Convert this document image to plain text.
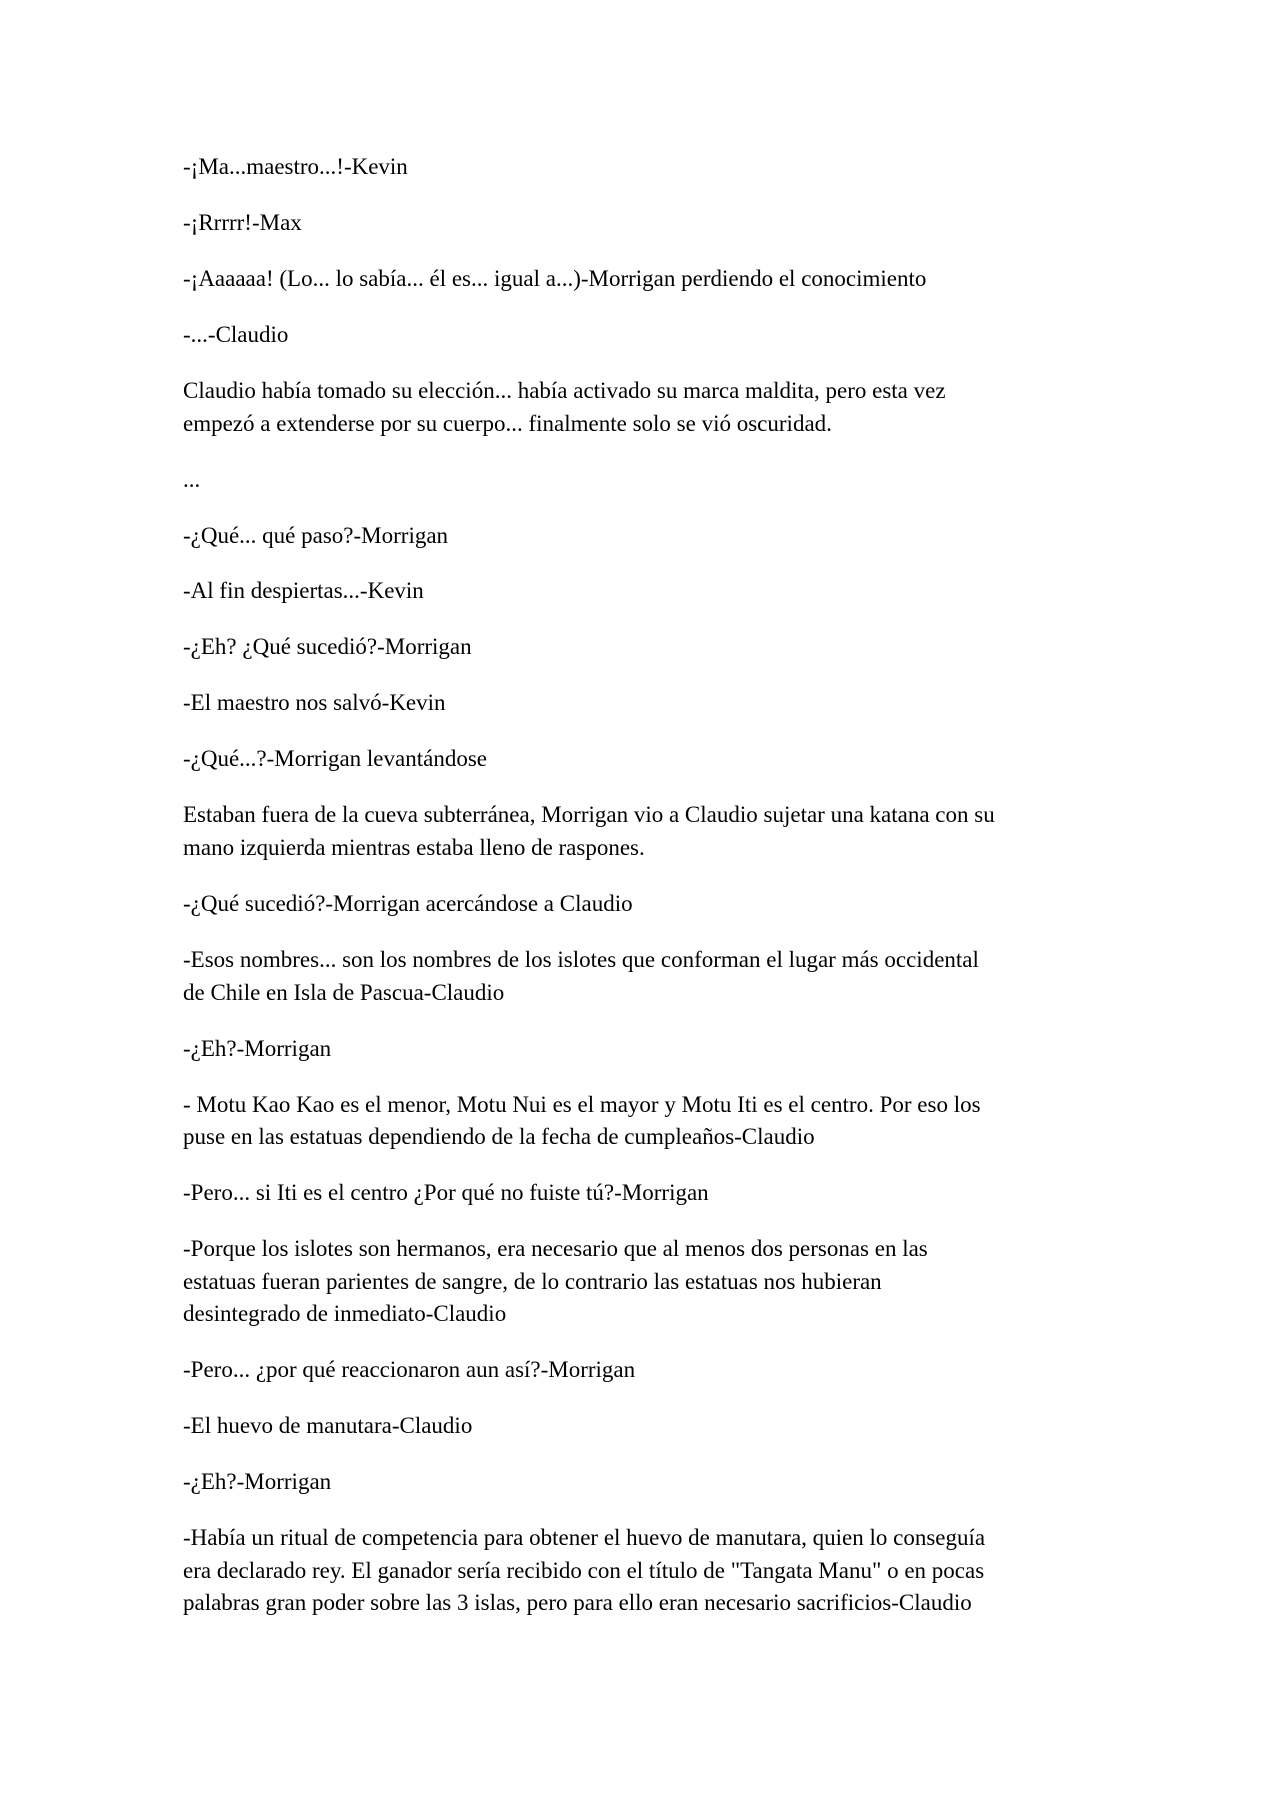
-¡Ma...maestro...!-Kevin

-¡Rrrrr!-Max

-¡Aaaaaa! (Lo... lo sabía... él es... igual a...)-Morrigan perdiendo el conocimiento

-...-Claudio

Claudio había tomado su elección... había activado su marca maldita, pero esta vez
empezó a extenderse por su cuerpo... finalmente solo se vió oscuridad.

...

-¿Qué... qué paso?-Morrigan

-Al fin despiertas...-Kevin

-¿Eh? ¿Qué sucedió?-Morrigan

-El maestro nos salvó-Kevin

-¿Qué...?-Morrigan levantándose

Estaban fuera de la cueva subterránea, Morrigan vio a Claudio sujetar una katana con su
mano izquierda mientras estaba lleno de raspones.

-¿Qué sucedió?-Morrigan acercándose a Claudio

-Esos nombres... son los nombres de los islotes que conforman el lugar más occidental
de Chile en Isla de Pascua-Claudio

-¿Eh?-Morrigan

- Motu Kao Kao es el menor, Motu Nui es el mayor y Motu Iti es el centro. Por eso los
puse en las estatuas dependiendo de la fecha de cumpleaños-Claudio

-Pero... si Iti es el centro ¿Por qué no fuiste tú?-Morrigan

-Porque los islotes son hermanos, era necesario que al menos dos personas en las
estatuas fueran parientes de sangre, de lo contrario las estatuas nos hubieran
desintegrado de inmediato-Claudio

-Pero... ¿por qué reaccionaron aun así?-Morrigan

-El huevo de manutara-Claudio

-¿Eh?-Morrigan

-Había un ritual de competencia para obtener el huevo de manutara, quien lo conseguía
era declarado rey. El ganador sería recibido con el título de "Tangata Manu" o en pocas
palabras gran poder sobre las 3 islas, pero para ello eran necesario sacrificios-Claudio
